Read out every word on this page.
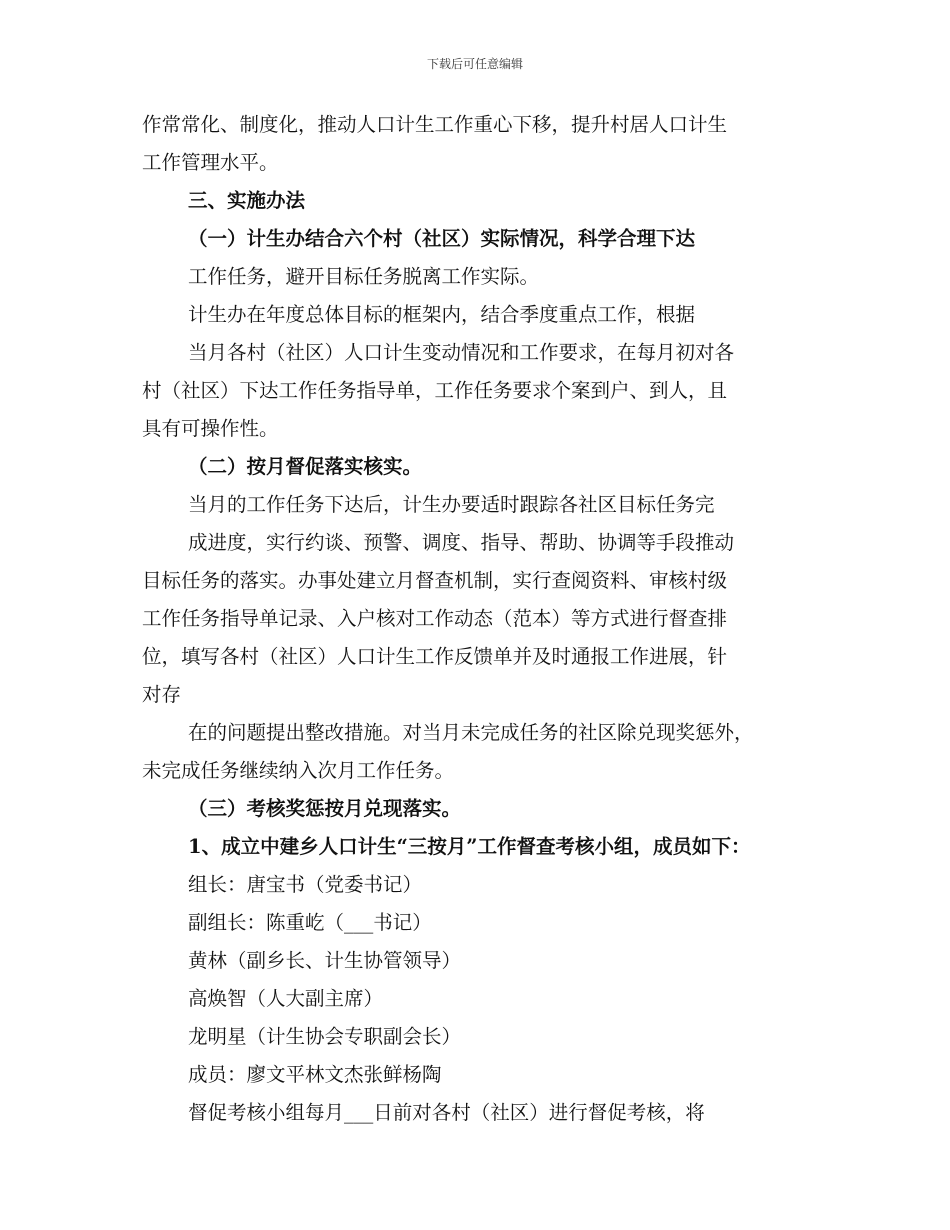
下载后可任意编辑

作常常化、制度化，推动人口计生工作重心下移，提升村居人口计生

工作管理水平。

三、实施办法

（一）计生办结合六个村（社区）实际情况，科学合理下达

工作任务，避开目标任务脱离工作实际。

计生办在年度总体目标的框架内，结合季度重点工作，根据

当月各村（社区）人口计生变动情况和工作要求，在每月初对各

村（社区）下达工作任务指导单，工作任务要求个案到户、到人，且

具有可操作性。

（二）按月督促落实核实。

当月的工作任务下达后，计生办要适时跟踪各社区目标任务完

成进度，实行约谈、预警、调度、指导、帮助、协调等手段推动

目标任务的落实。办事处建立月督查机制，实行查阅资料、审核村级

工作任务指导单记录、入户核对工作动态（范本）等方式进行督查排

位，填写各村（社区）人口计生工作反馈单并及时通报工作进展，针

对存

在的问题提出整改措施。对当月未完成任务的社区除兑现奖惩外，

未完成任务继续纳入次月工作任务。

（三）考核奖惩按月兑现落实。

1、成立中建乡人口计生“三按月”工作督查考核小组，成员如下：

组长：唐宝书（党委书记）

副组长：陈重屹（___书记）

黄林（副乡长、计生协管领导）

高焕智（人大副主席）

龙明星（计生协会专职副会长）

成员：廖文平林文杰张鲜杨陶

督促考核小组每月___日前对各村（社区）进行督促考核，将
